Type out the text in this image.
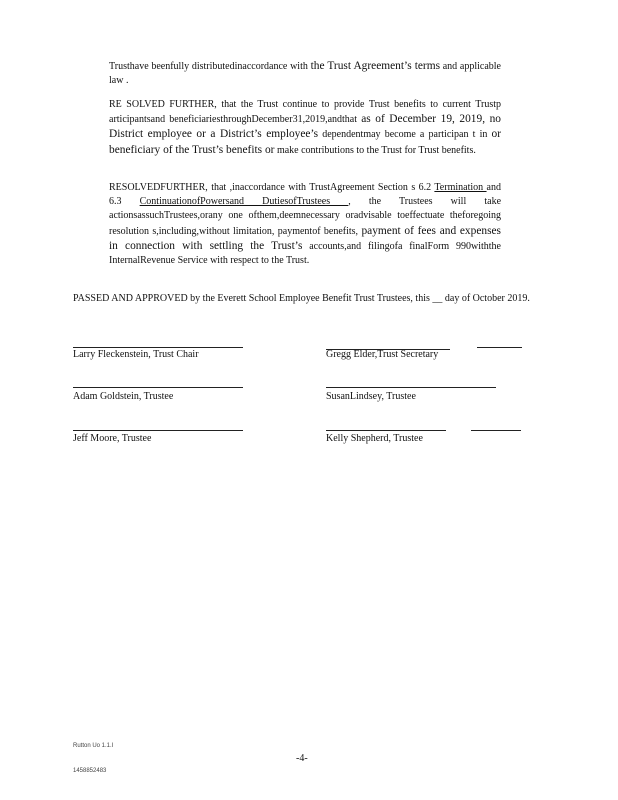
Trusthave beenfully distributedinaccordance with the Trust Agreement’s terms and applicable law .

RE SOLVED FURTHER, that the Trust continue to provide Trust benefits to current Trustp articipantsand beneficiariesthroughDecember31,2019,andthat as of December 19, 2019, no District employee or a District’s employee’s dependentmay become a participan t in or beneficiary of the Trust’s benefits or make contributions to the Trust for Trust benefits.

RESOLVEDFURTHER, that ,inaccordance with TrustAgreement Section s 6.2 Termination and 6.3 ContinuationofPowersand DutiesofTrustees , the Trustees will take actionsassuchTrustees,orany one ofthem,deemnecessary oradvisable toeffectuate theforegoing resolution s,including,without limitation, paymentof benefits, payment of fees and expenses in connection with settling the Trust’s accounts,and filingofa finalForm 990withthe InternalRevenue Service with respect to the Trust.

PASSED AND APPROVED by the Everett School Employee Benefit Trust Trustees, this __ day of October 2019.

Larry Fleckenstein, Trust Chair	Gregg Elder,Trust Secretary
Adam Goldstein, Trustee	SusanLindsey, Trustee
Jeff Moore, Trustee	Kelly Shepherd, Trustee
Rutton Uo 1.1.I
-4-
1458852483
